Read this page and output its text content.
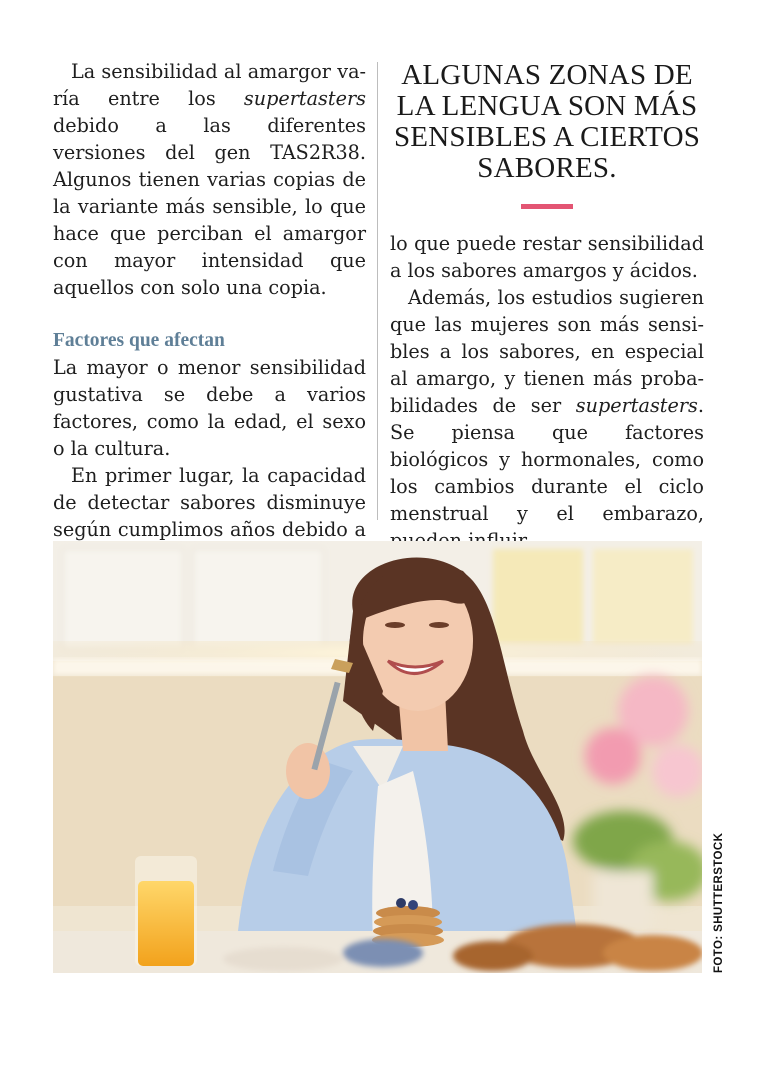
La sensibilidad al amargor varía entre los supertasters debido a las diferentes versiones del gen TAS2R38. Algunos tienen varias copias de la variante más sensible, lo que hace que perciban el amargor con mayor intensidad que aquellos con solo una copia.

Factores que afectan

La mayor o menor sensibilidad gustativa se debe a varios factores, como la edad, el sexo o la cultura.

En primer lugar, la capacidad de detectar sabores disminuye según cumplimos años debido a

ALGUNAS ZONAS DE LA LENGUA SON MÁS SENSIBLES A CIERTOS SABORES.

lo que puede restar sensibilidad a los sabores amargos y ácidos.

Además, los estudios sugieren que las mujeres son más sensibles a los sabores, en especial al amargo, y tienen más probabilidades de ser supertasters. Se piensa que factores biológicos y hormonales, como los cambios durante el ciclo menstrual y el embarazo,

FOTO: SHUTTERSTOCK
